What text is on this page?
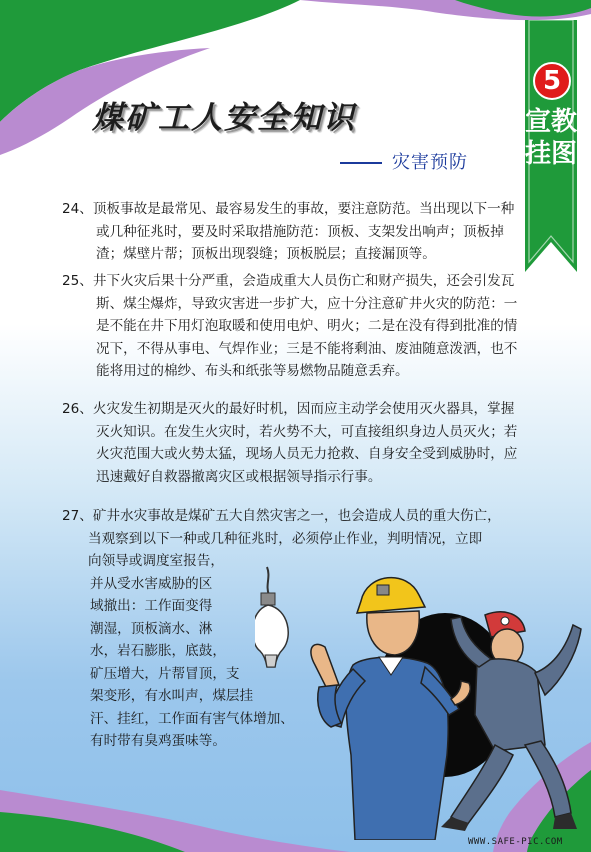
煤矿工人安全知识
灾害预防
5
宣教挂图

24、顶板事故是最常见、最容易发生的事故，要注意防范。当出现以下一种或几种征兆时，要及时采取措施防范：顶板、支架发出响声；顶板掉渣；煤壁片帮；顶板出现裂缝；顶板脱层；直接漏顶等。

25、井下火灾后果十分严重，会造成重大人员伤亡和财产损失，还会引发瓦斯、煤尘爆炸，导致灾害进一步扩大，应十分注意矿井火灾的防范：一是不能在井下用灯泡取暖和使用电炉、明火；二是在没有得到批准的情况下，不得从事电、气焊作业；三是不能将剩油、废油随意泼洒，也不能将用过的棉纱、布头和纸张等易燃物品随意丢弃。

26、火灾发生初期是灭火的最好时机，因而应主动学会使用灭火器具，掌握灭火知识。在发生火灾时，若火势不大，可直接组织身边人员灭火；若火灾范围大或火势太猛，现场人员无力抢救、自身安全受到威胁时，应迅速戴好自救器撤离灾区或根据领导指示行事。

27、矿井水灾事故是煤矿五大自然灾害之一，也会造成人员的重大伤亡，
当观察到以下一种或几种征兆时，必须停止作业，判明情况，立即
向领导或调度室报告，
并从受水害威胁的区
域撤出：工作面变得
潮湿，顶板滴水、淋
水，岩石膨胀，底鼓，
矿压增大，片帮冒顶，支
架变形，有水叫声，煤层挂
汗、挂红，工作面有害气体增加、
有时带有臭鸡蛋味等。
WWW.SAFE-PIC.COM
